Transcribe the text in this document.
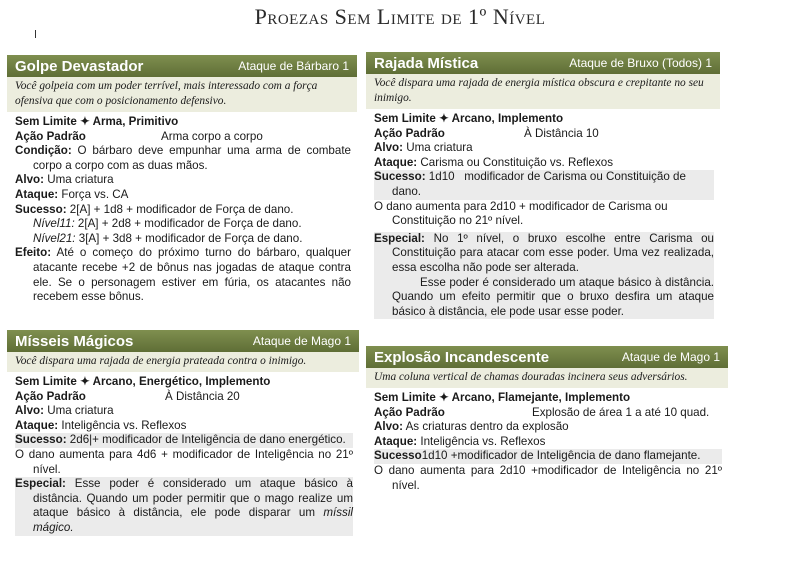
Proezas Sem Limite de 1º Nível
Golpe Devastador	Ataque de Bárbaro 1
Você golpeia com um poder terrível, mais interessado com a força ofensiva que com o posicionamento defensivo.
Sem Limite ✦ Arma, Primitivo
Ação Padrão	Arma corpo a corpo
Condição: O bárbaro deve empunhar uma arma de combate corpo a corpo com as duas mãos.
Alvo: Uma criatura
Ataque: Força vs. CA
Sucesso: 2[A] + 1d8 + modificador de Força de dano.
Nível11: 2[A] + 2d8 + modificador de Força de dano.
Nível21: 3[A] + 3d8 + modificador de Força de dano.
Efeito: Até o começo do próximo turno do bárbaro, qualquer atacante recebe +2 de bônus nas jogadas de ataque contra ele. Se o personagem estiver em fúria, os atacantes não recebem esse bônus.
Mísseis Mágicos	Ataque de Mago 1
Você dispara uma rajada de energia prateada contra o inimigo.
Sem Limite ✦ Arcano, Energético, Implemento
Ação Padrão	À Distância 20
Alvo: Uma criatura
Ataque: Inteligência vs. Reflexos
Sucesso: 2d6|+ modificador de Inteligência de dano energético.
O dano aumenta para 4d6 + modificador de Inteligência no 21º nível.
Especial: Esse poder é considerado um ataque básico à distância. Quando um poder permitir que o mago realize um ataque básico à distância, ele pode disparar um míssil mágico.
Rajada Mística	Ataque de Bruxo (Todos) 1
Você dispara uma rajada de energia mística obscura e crepitante no seu inimigo.
Sem Limite ✦ Arcano, Implemento
Ação Padrão	À Distância 10
Alvo: Uma criatura
Ataque: Carisma ou Constituição vs. Reflexos
Sucesso: 1d10   modificador de Carisma ou Constituição de dano.
O dano aumenta para 2d10 + modificador de Carisma ou Constituição no 21º nível.
Especial: No 1º nível, o bruxo escolhe entre Carisma ou Constituição para atacar com esse poder. Uma vez realizada, essa escolha não pode ser alterada.
Esse poder é considerado um ataque básico à distância. Quando um efeito permitir que o bruxo desfira um ataque básico à distância, ele pode usar esse poder.
Explosão Incandescente	Ataque de Mago 1
Uma coluna vertical de chamas douradas incinera seus adversários.
Sem Limite ✦ Arcano, Flamejante, Implemento
Ação Padrão	Explosão de área 1 a até 10 quad.
Alvo: As criaturas dentro da explosão
Ataque: Inteligência vs. Reflexos
Sucesso1d10 +modificador de Inteligência de dano flamejante.
O dano aumenta para 2d10 +modificador de Inteligência no 21º nível.
